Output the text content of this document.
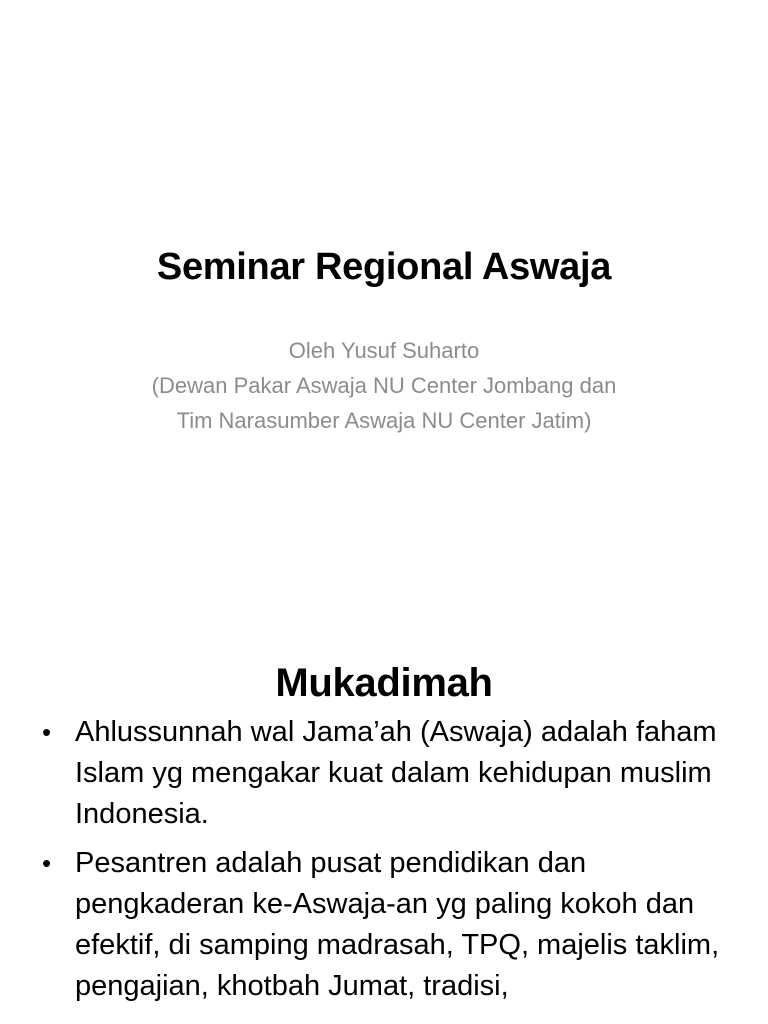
Seminar Regional Aswaja
Oleh Yusuf Suharto
(Dewan Pakar Aswaja NU Center Jombang dan
Tim Narasumber Aswaja NU Center Jatim)
Mukadimah
• Ahlussunnah wal Jama’ah (Aswaja) adalah faham Islam yg mengakar kuat dalam kehidupan muslim Indonesia.
• Pesantren adalah pusat pendidikan dan pengkaderan ke-Aswaja-an yg paling kokoh dan efektif, di samping madrasah, TPQ, majelis taklim, pengajian, khotbah Jumat, tradisi,
